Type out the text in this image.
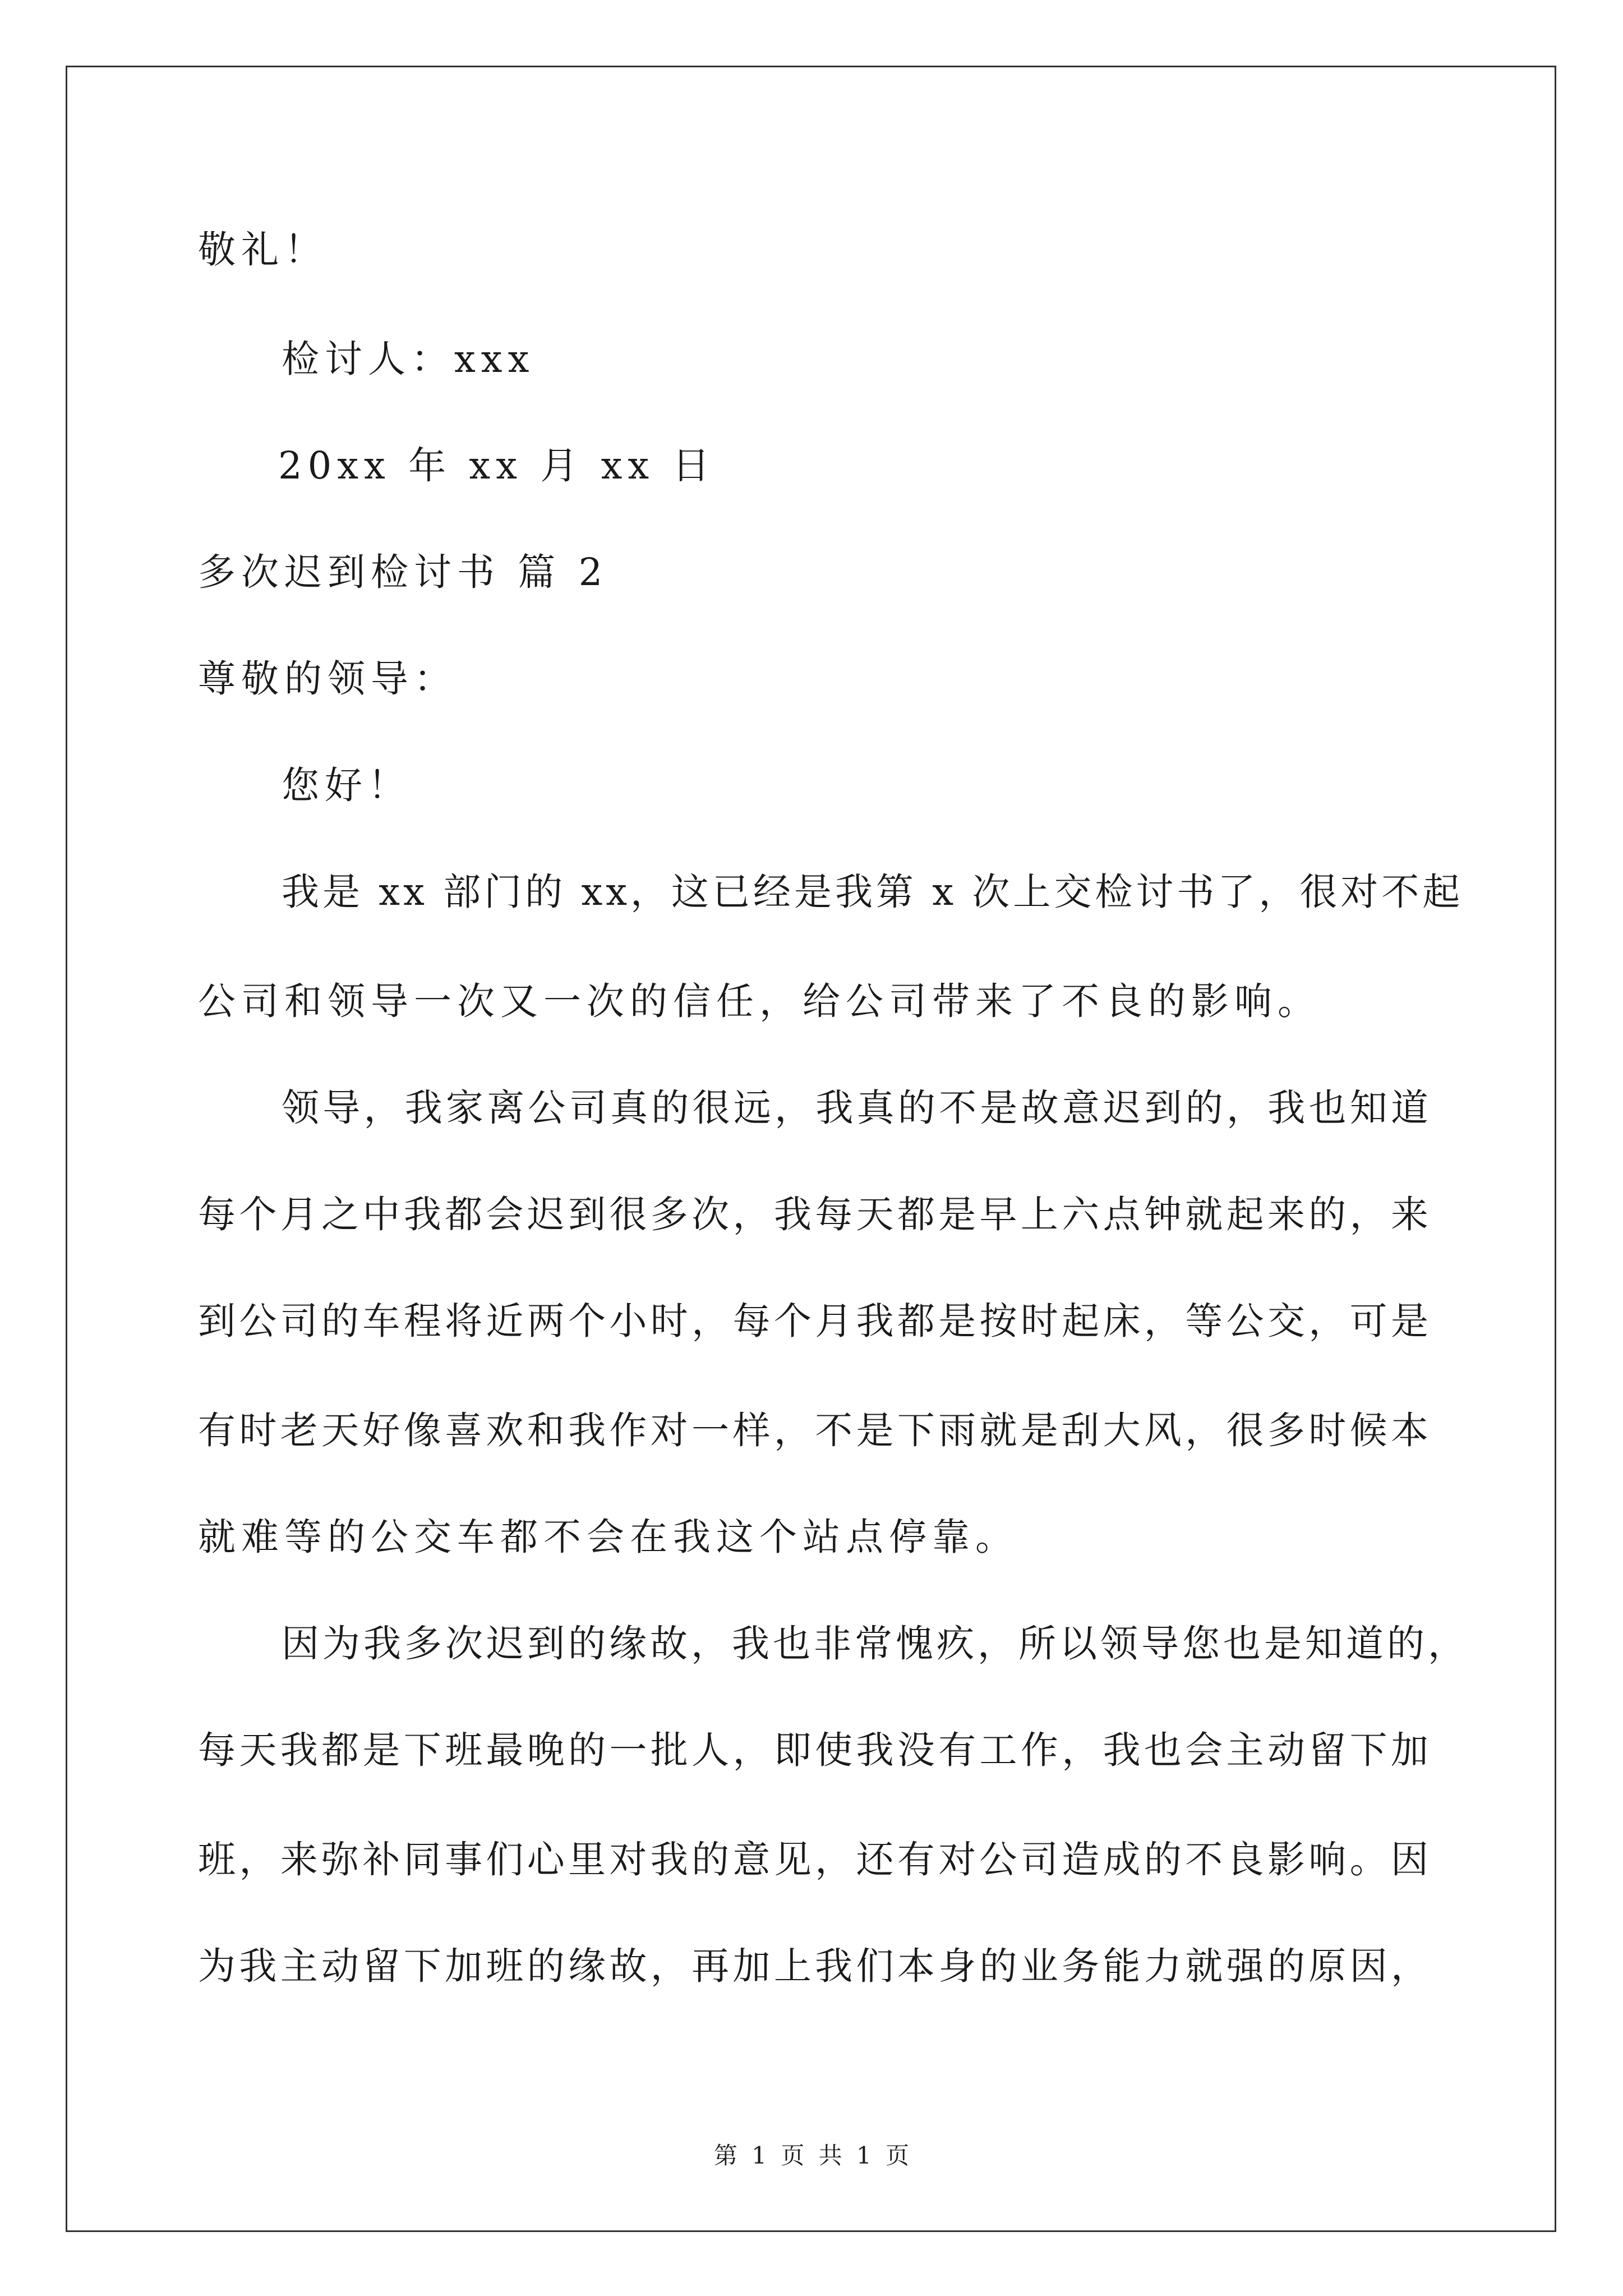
敬礼！
检讨人：xxx
20xx 年 xx 月 xx 日
多次迟到检讨书 篇 2
尊敬的领导：
您好！
我是 xx 部门的 xx，这已经是我第 x 次上交检讨书了，很对不起
公司和领导一次又一次的信任，给公司带来了不良的影响。
领导，我家离公司真的很远，我真的不是故意迟到的，我也知道
每个月之中我都会迟到很多次，我每天都是早上六点钟就起来的，来
到公司的车程将近两个小时，每个月我都是按时起床，等公交，可是
有时老天好像喜欢和我作对一样，不是下雨就是刮大风，很多时候本
就难等的公交车都不会在我这个站点停靠。
因为我多次迟到的缘故，我也非常愧疚，所以领导您也是知道的，
每天我都是下班最晚的一批人，即使我没有工作，我也会主动留下加
班，来弥补同事们心里对我的意见，还有对公司造成的不良影响。因
为我主动留下加班的缘故，再加上我们本身的业务能力就强的原因，
第 1 页 共 1 页
